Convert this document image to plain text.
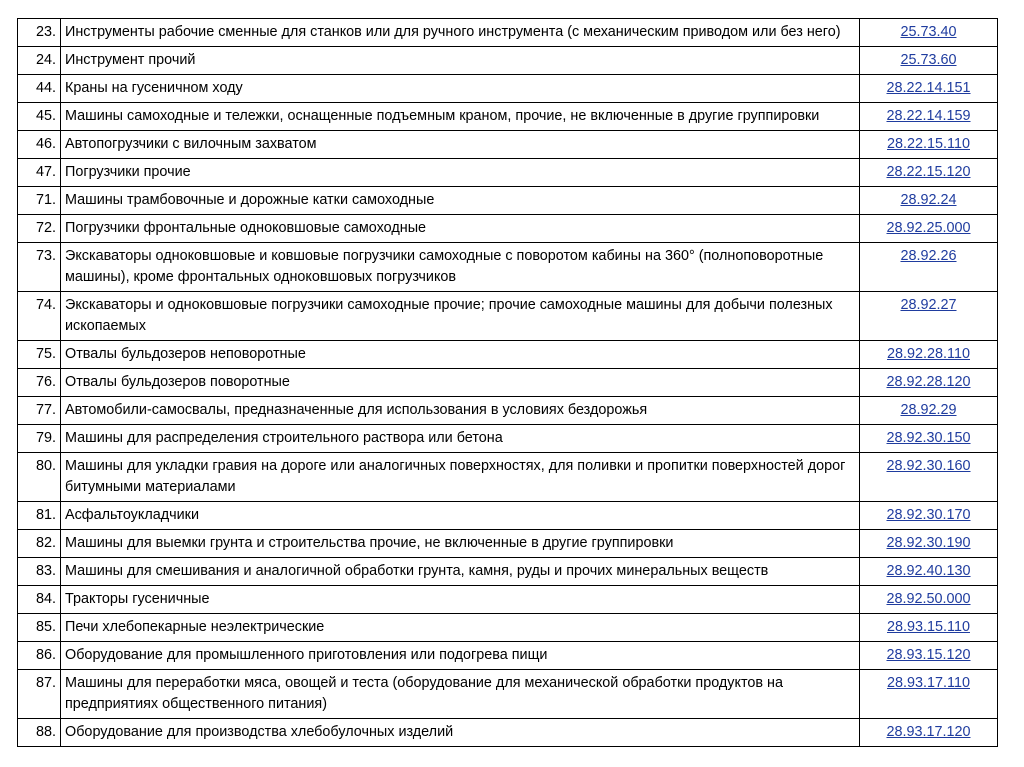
23.	Инструменты рабочие сменные для станков или для ручного инструмента (с механическим приводом или без него)	25.73.40
24.	Инструмент прочий	25.73.60
44.	Краны на гусеничном ходу	28.22.14.151
45.	Машины самоходные и тележки, оснащенные подъемным краном, прочие, не включенные в другие группировки	28.22.14.159
46.	Автопогрузчики с вилочным захватом	28.22.15.110
47.	Погрузчики прочие	28.22.15.120
71.	Машины трамбовочные и дорожные катки самоходные	28.92.24
72.	Погрузчики фронтальные одноковшовые самоходные	28.92.25.000
73.	Экскаваторы одноковшовые и ковшовые погрузчики самоходные с поворотом кабины на 360° (полноповоротные машины), кроме фронтальных одноковшовых погрузчиков	28.92.26
74.	Экскаваторы и одноковшовые погрузчики самоходные прочие; прочие самоходные машины для добычи полезных ископаемых	28.92.27
75.	Отвалы бульдозеров неповоротные	28.92.28.110
76.	Отвалы бульдозеров поворотные	28.92.28.120
77.	Автомобили-самосвалы, предназначенные для использования в условиях бездорожья	28.92.29
79.	Машины для распределения строительного раствора или бетона	28.92.30.150
80.	Машины для укладки гравия на дороге или аналогичных поверхностях, для поливки и пропитки поверхностей дорог битумными материалами	28.92.30.160
81.	Асфальтоукладчики	28.92.30.170
82.	Машины для выемки грунта и строительства прочие, не включенные в другие группировки	28.92.30.190
83.	Машины для смешивания и аналогичной обработки грунта, камня, руды и прочих минеральных веществ	28.92.40.130
84.	Тракторы гусеничные	28.92.50.000
85.	Печи хлебопекарные неэлектрические	28.93.15.110
86.	Оборудование для промышленного приготовления или подогрева пищи	28.93.15.120
87.	Машины для переработки мяса, овощей и теста (оборудование для механической обработки продуктов на предприятиях общественного питания)	28.93.17.110
88.	Оборудование для производства хлебобулочных изделий	28.93.17.120
